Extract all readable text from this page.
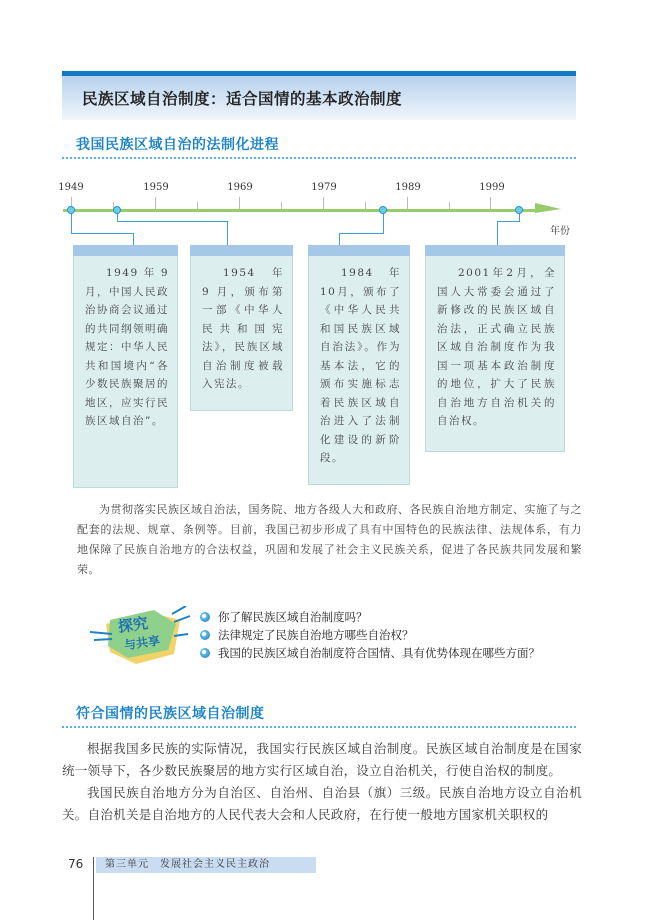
民族区域自治制度：适合国情的基本政治制度
我国民族区域自治的法制化进程
1949	1959	1969	1979	1989	1999
年份
1949 年 9 月，中国人民政治协商会议通过的共同纲领明确规定：中华人民共和国境内“各少数民族聚居的地区，应实行民族区域自治”。
1954 年 9 月，颁布第一部《中华人民共和国宪法》，民族区域自治制度被载入宪法。
1984 年 10月，颁布了《中华人民共和国民族区域自治法》。作为基本法，它的颁布实施标志着民族区域自治进入了法制化建设的新阶段。
2001年2月，全国人大常委会通过了新修改的民族区域自治法，正式确立民族区域自治制度作为我国一项基本政治制度的地位，扩大了民族自治地方自治机关的自治权。
为贯彻落实民族区域自治法，国务院、地方各级人大和政府、各民族自治地方制定、实施了与之配套的法规、规章、条例等。目前，我国已初步形成了具有中国特色的民族法律、法规体系，有力地保障了民族自治地方的合法权益，巩固和发展了社会主义民族关系，促进了各民族共同发展和繁荣。
探究
与共享
你了解民族区域自治制度吗？
法律规定了民族自治地方哪些自治权？
我国的民族区域自治制度符合国情、具有优势体现在哪些方面？
符合国情的民族区域自治制度
根据我国多民族的实际情况，我国实行民族区域自治制度。民族区域自治制度是在国家统一领导下，各少数民族聚居的地方实行区域自治，设立自治机关，行使自治权的制度。
我国民族自治地方分为自治区、自治州、自治县（旗）三级。民族自治地方设立自治机关。自治机关是自治地方的人民代表大会和人民政府，在行使一般地方国家机关职权的
76	第三单元　发展社会主义民主政治
